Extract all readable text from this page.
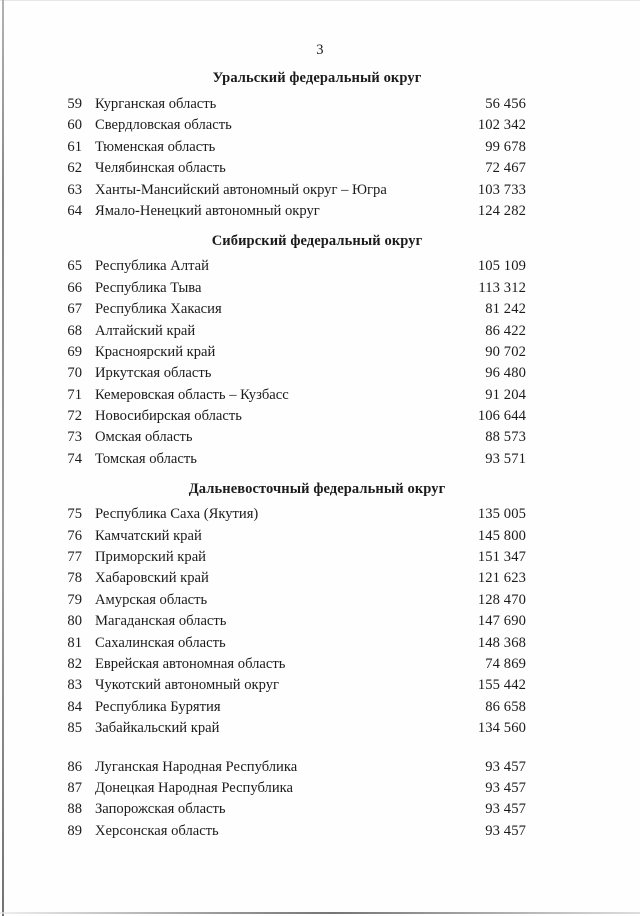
3
Уральский федеральный округ
59 Курганская область	56 456
60 Свердловская область	102 342
61 Тюменская область	99 678
62 Челябинская область	72 467
63 Ханты-Мансийский автономный округ – Югра	103 733
64 Ямало-Ненецкий автономный округ	124 282
Сибирский федеральный округ
65 Республика Алтай	105 109
66 Республика Тыва	113 312
67 Республика Хакасия	81 242
68 Алтайский край	86 422
69 Красноярский край	90 702
70 Иркутская область	96 480
71 Кемеровская область – Кузбасс	91 204
72 Новосибирская область	106 644
73 Омская область	88 573
74 Томская область	93 571
Дальневосточный федеральный округ
75 Республика Саха (Якутия)	135 005
76 Камчатский край	145 800
77 Приморский край	151 347
78 Хабаровский край	121 623
79 Амурская область	128 470
80 Магаданская область	147 690
81 Сахалинская область	148 368
82 Еврейская автономная область	74 869
83 Чукотский автономный округ	155 442
84 Республика Бурятия	86 658
85 Забайкальский край	134 560
86 Луганская Народная Республика	93 457
87 Донецкая Народная Республика	93 457
88 Запорожская область	93 457
89 Херсонская область	93 457
